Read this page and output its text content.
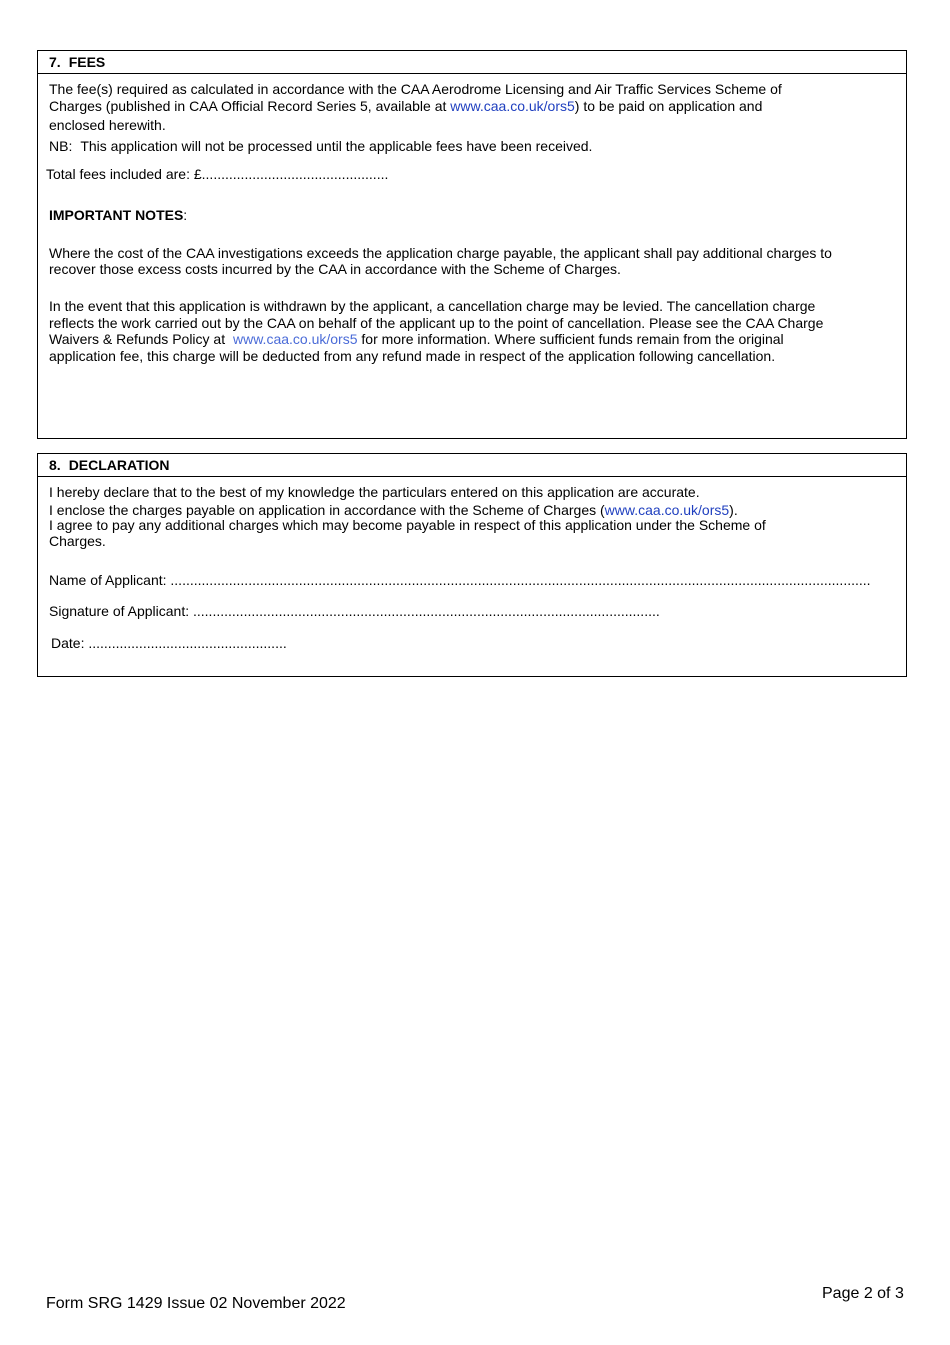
7. FEES
The fee(s) required as calculated in accordance with the CAA Aerodrome Licensing and Air Traffic Services Scheme of
Charges (published in CAA Official Record Series 5, available at www.caa.co.uk/ors5) to be paid on application and
enclosed herewith.
NB: This application will not be processed until the applicable fees have been received.
Total fees included are: £................................................
IMPORTANT NOTES:
Where the cost of the CAA investigations exceeds the application charge payable, the applicant shall pay additional charges to
recover those excess costs incurred by the CAA in accordance with the Scheme of Charges.
In the event that this application is withdrawn by the applicant, a cancellation charge may be levied. The cancellation charge
reflects the work carried out by the CAA on behalf of the applicant up to the point of cancellation. Please see the CAA Charge
Waivers & Refunds Policy at www.caa.co.uk/ors5 for more information. Where sufficient funds remain from the original
application fee, this charge will be deducted from any refund made in respect of the application following cancellation.
8. DECLARATION
I hereby declare that to the best of my knowledge the particulars entered on this application are accurate.
I enclose the charges payable on application in accordance with the Scheme of Charges (www.caa.co.uk/ors5).
I agree to pay any additional charges which may become payable in respect of this application under the Scheme of
Charges.
Name of Applicant: ....................................................................................................................................................................................
Signature of Applicant: ........................................................................................................................
Date: ...................................................
Form SRG 1429 Issue 02 November 2022
Page 2 of 3
